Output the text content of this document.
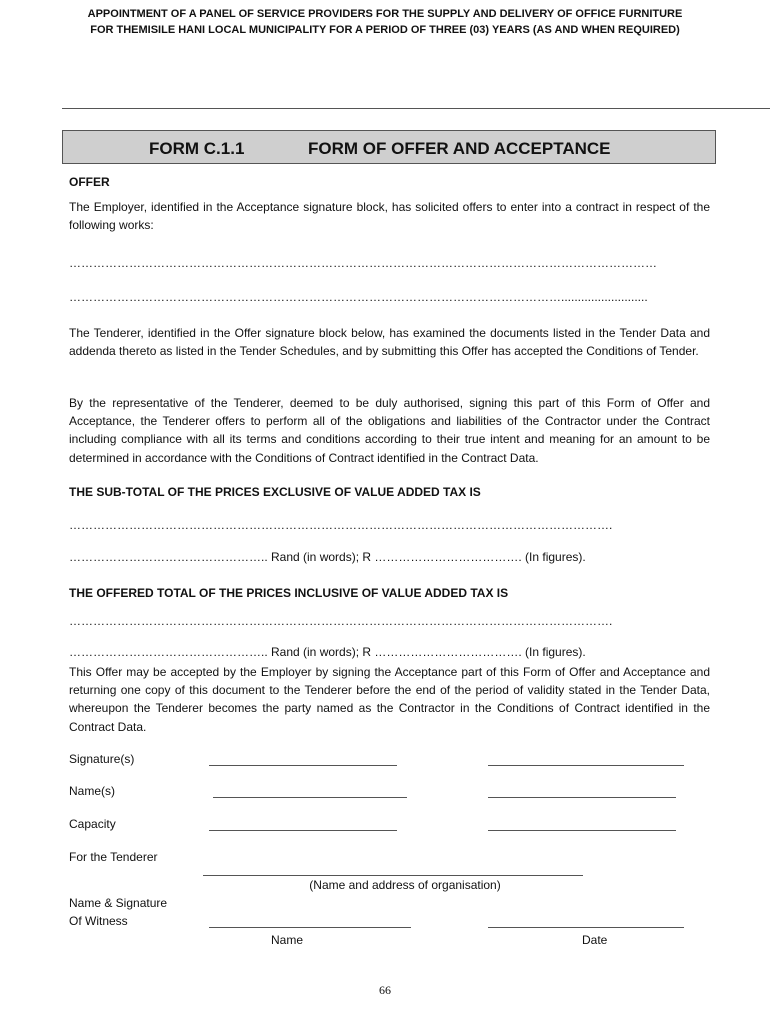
APPOINTMENT OF A PANEL OF SERVICE PROVIDERS FOR THE SUPPLY AND DELIVERY OF OFFICE FURNITURE
FOR THEMISILE HANI LOCAL MUNICIPALITY FOR A PERIOD OF THREE (03) YEARS (AS AND WHEN REQUIRED)
FORM C.1.1	FORM OF OFFER AND ACCEPTANCE
OFFER
The Employer, identified in the Acceptance signature block, has solicited offers to enter into a contract in respect of the following works:
…………………………………………………………………………………………………………………………………
……………………………………………………………………………………………………………..........................
The Tenderer, identified in the Offer signature block below, has examined the documents listed in the Tender Data and addenda thereto as listed in the Tender Schedules, and by submitting this Offer has accepted the Conditions of Tender.
By the representative of the Tenderer, deemed to be duly authorised, signing this part of this Form of Offer and Acceptance, the Tenderer offers to perform all of the obligations and liabilities of the Contractor under the Contract including compliance with all its terms and conditions according to their true intent and meaning for an amount to be determined in accordance with the Conditions of Contract identified in the Contract Data.
THE SUB-TOTAL OF THE PRICES EXCLUSIVE OF VALUE ADDED TAX IS
……………………………………………………………………………………………………………………….
………………………………………….. Rand (in words); R ………………………………. (In figures).
THE OFFERED TOTAL OF THE PRICES INCLUSIVE OF VALUE ADDED TAX IS
……………………………………………………………………………………………………………………….
………………………………………….. Rand (in words); R ………………………………. (In figures).
This Offer may be accepted by the Employer by signing the Acceptance part of this Form of Offer and Acceptance and returning one copy of this document to the Tenderer before the end of the period of validity stated in the Tender Data, whereupon the Tenderer becomes the party named as the Contractor in the Conditions of Contract identified in the Contract Data.
Signature(s)
Name(s)
Capacity
For the Tenderer
(Name and address of organisation)
Name & Signature
Of Witness
Name	Date
66
